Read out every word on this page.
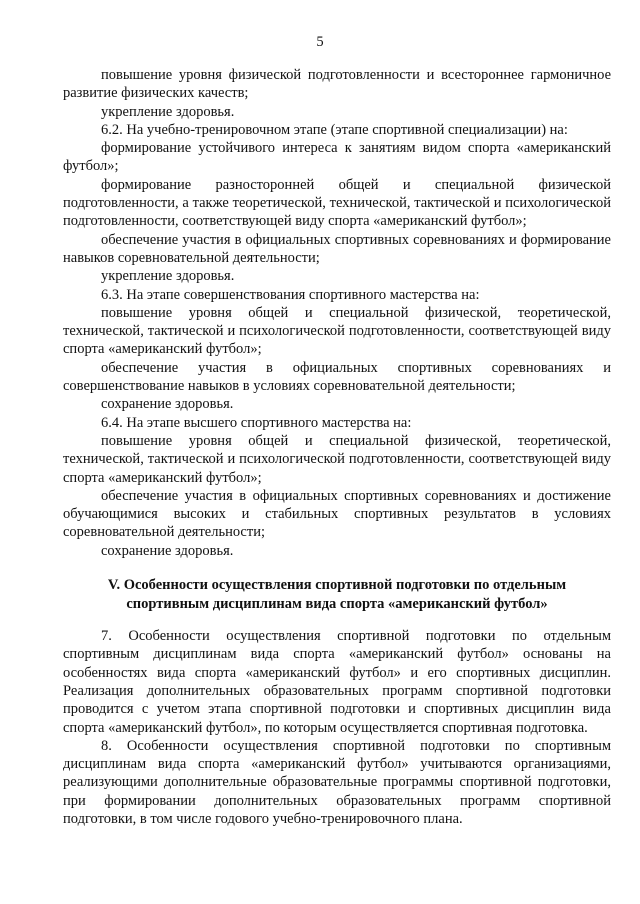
5

повышение уровня физической подготовленности и всестороннее гармоничное развитие физических качеств;

укрепление здоровья.

6.2. На учебно-тренировочном этапе (этапе спортивной специализации) на:

формирование устойчивого интереса к занятиям видом спорта «американский футбол»;

формирование разносторонней общей и специальной физической подготовленности, а также теоретической, технической, тактической и психологической подготовленности, соответствующей виду спорта «американский футбол»;

обеспечение участия в официальных спортивных соревнованиях и формирование навыков соревновательной деятельности;

укрепление здоровья.

6.3. На этапе совершенствования спортивного мастерства на:

повышение уровня общей и специальной физической, теоретической, технической, тактической и психологической подготовленности, соответствующей виду спорта «американский футбол»;

обеспечение участия в официальных спортивных соревнованиях и совершенствование навыков в условиях соревновательной деятельности;

сохранение здоровья.

6.4. На этапе высшего спортивного мастерства на:

повышение уровня общей и специальной физической, теоретической, технической, тактической и психологической подготовленности, соответствующей виду спорта «американский футбол»;

обеспечение участия в официальных спортивных соревнованиях и достижение обучающимися высоких и стабильных спортивных результатов в условиях соревновательной деятельности;

сохранение здоровья.

V. Особенности осуществления спортивной подготовки по отдельным спортивным дисциплинам вида спорта «американский футбол»

7. Особенности осуществления спортивной подготовки по отдельным спортивным дисциплинам вида спорта «американский футбол» основаны на особенностях вида спорта «американский футбол» и его спортивных дисциплин. Реализация дополнительных образовательных программ спортивной подготовки проводится с учетом этапа спортивной подготовки и спортивных дисциплин вида спорта «американский футбол», по которым осуществляется спортивная подготовка.

8. Особенности осуществления спортивной подготовки по спортивным дисциплинам вида спорта «американский футбол» учитываются организациями, реализующими дополнительные образовательные программы спортивной подготовки, при формировании дополнительных образовательных программ спортивной подготовки, в том числе годового учебно-тренировочного плана.
